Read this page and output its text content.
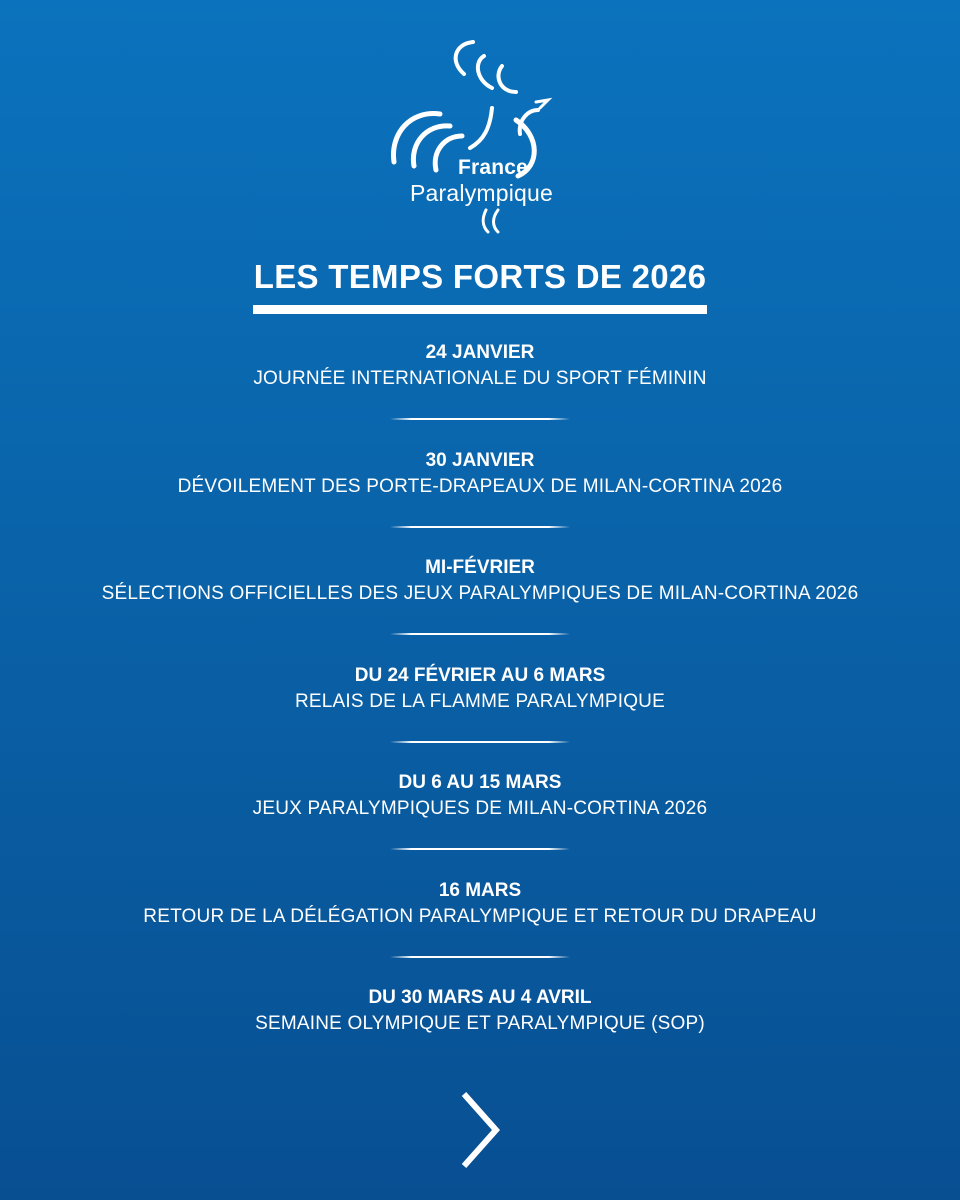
France
Paralympique
LES TEMPS FORTS DE 2026
24 JANVIER
JOURNÉE INTERNATIONALE DU SPORT FÉMININ
30 JANVIER
DÉVOILEMENT DES PORTE-DRAPEAUX DE MILAN-CORTINA 2026
MI-FÉVRIER
SÉLECTIONS OFFICIELLES DES JEUX PARALYMPIQUES DE MILAN-CORTINA 2026
DU 24 FÉVRIER AU 6 MARS
RELAIS DE LA FLAMME PARALYMPIQUE
DU 6 AU 15 MARS
JEUX PARALYMPIQUES DE MILAN-CORTINA 2026
16 MARS
RETOUR DE LA DÉLÉGATION PARALYMPIQUE ET RETOUR DU DRAPEAU
DU 30 MARS AU 4 AVRIL
SEMAINE OLYMPIQUE ET PARALYMPIQUE (SOP)
